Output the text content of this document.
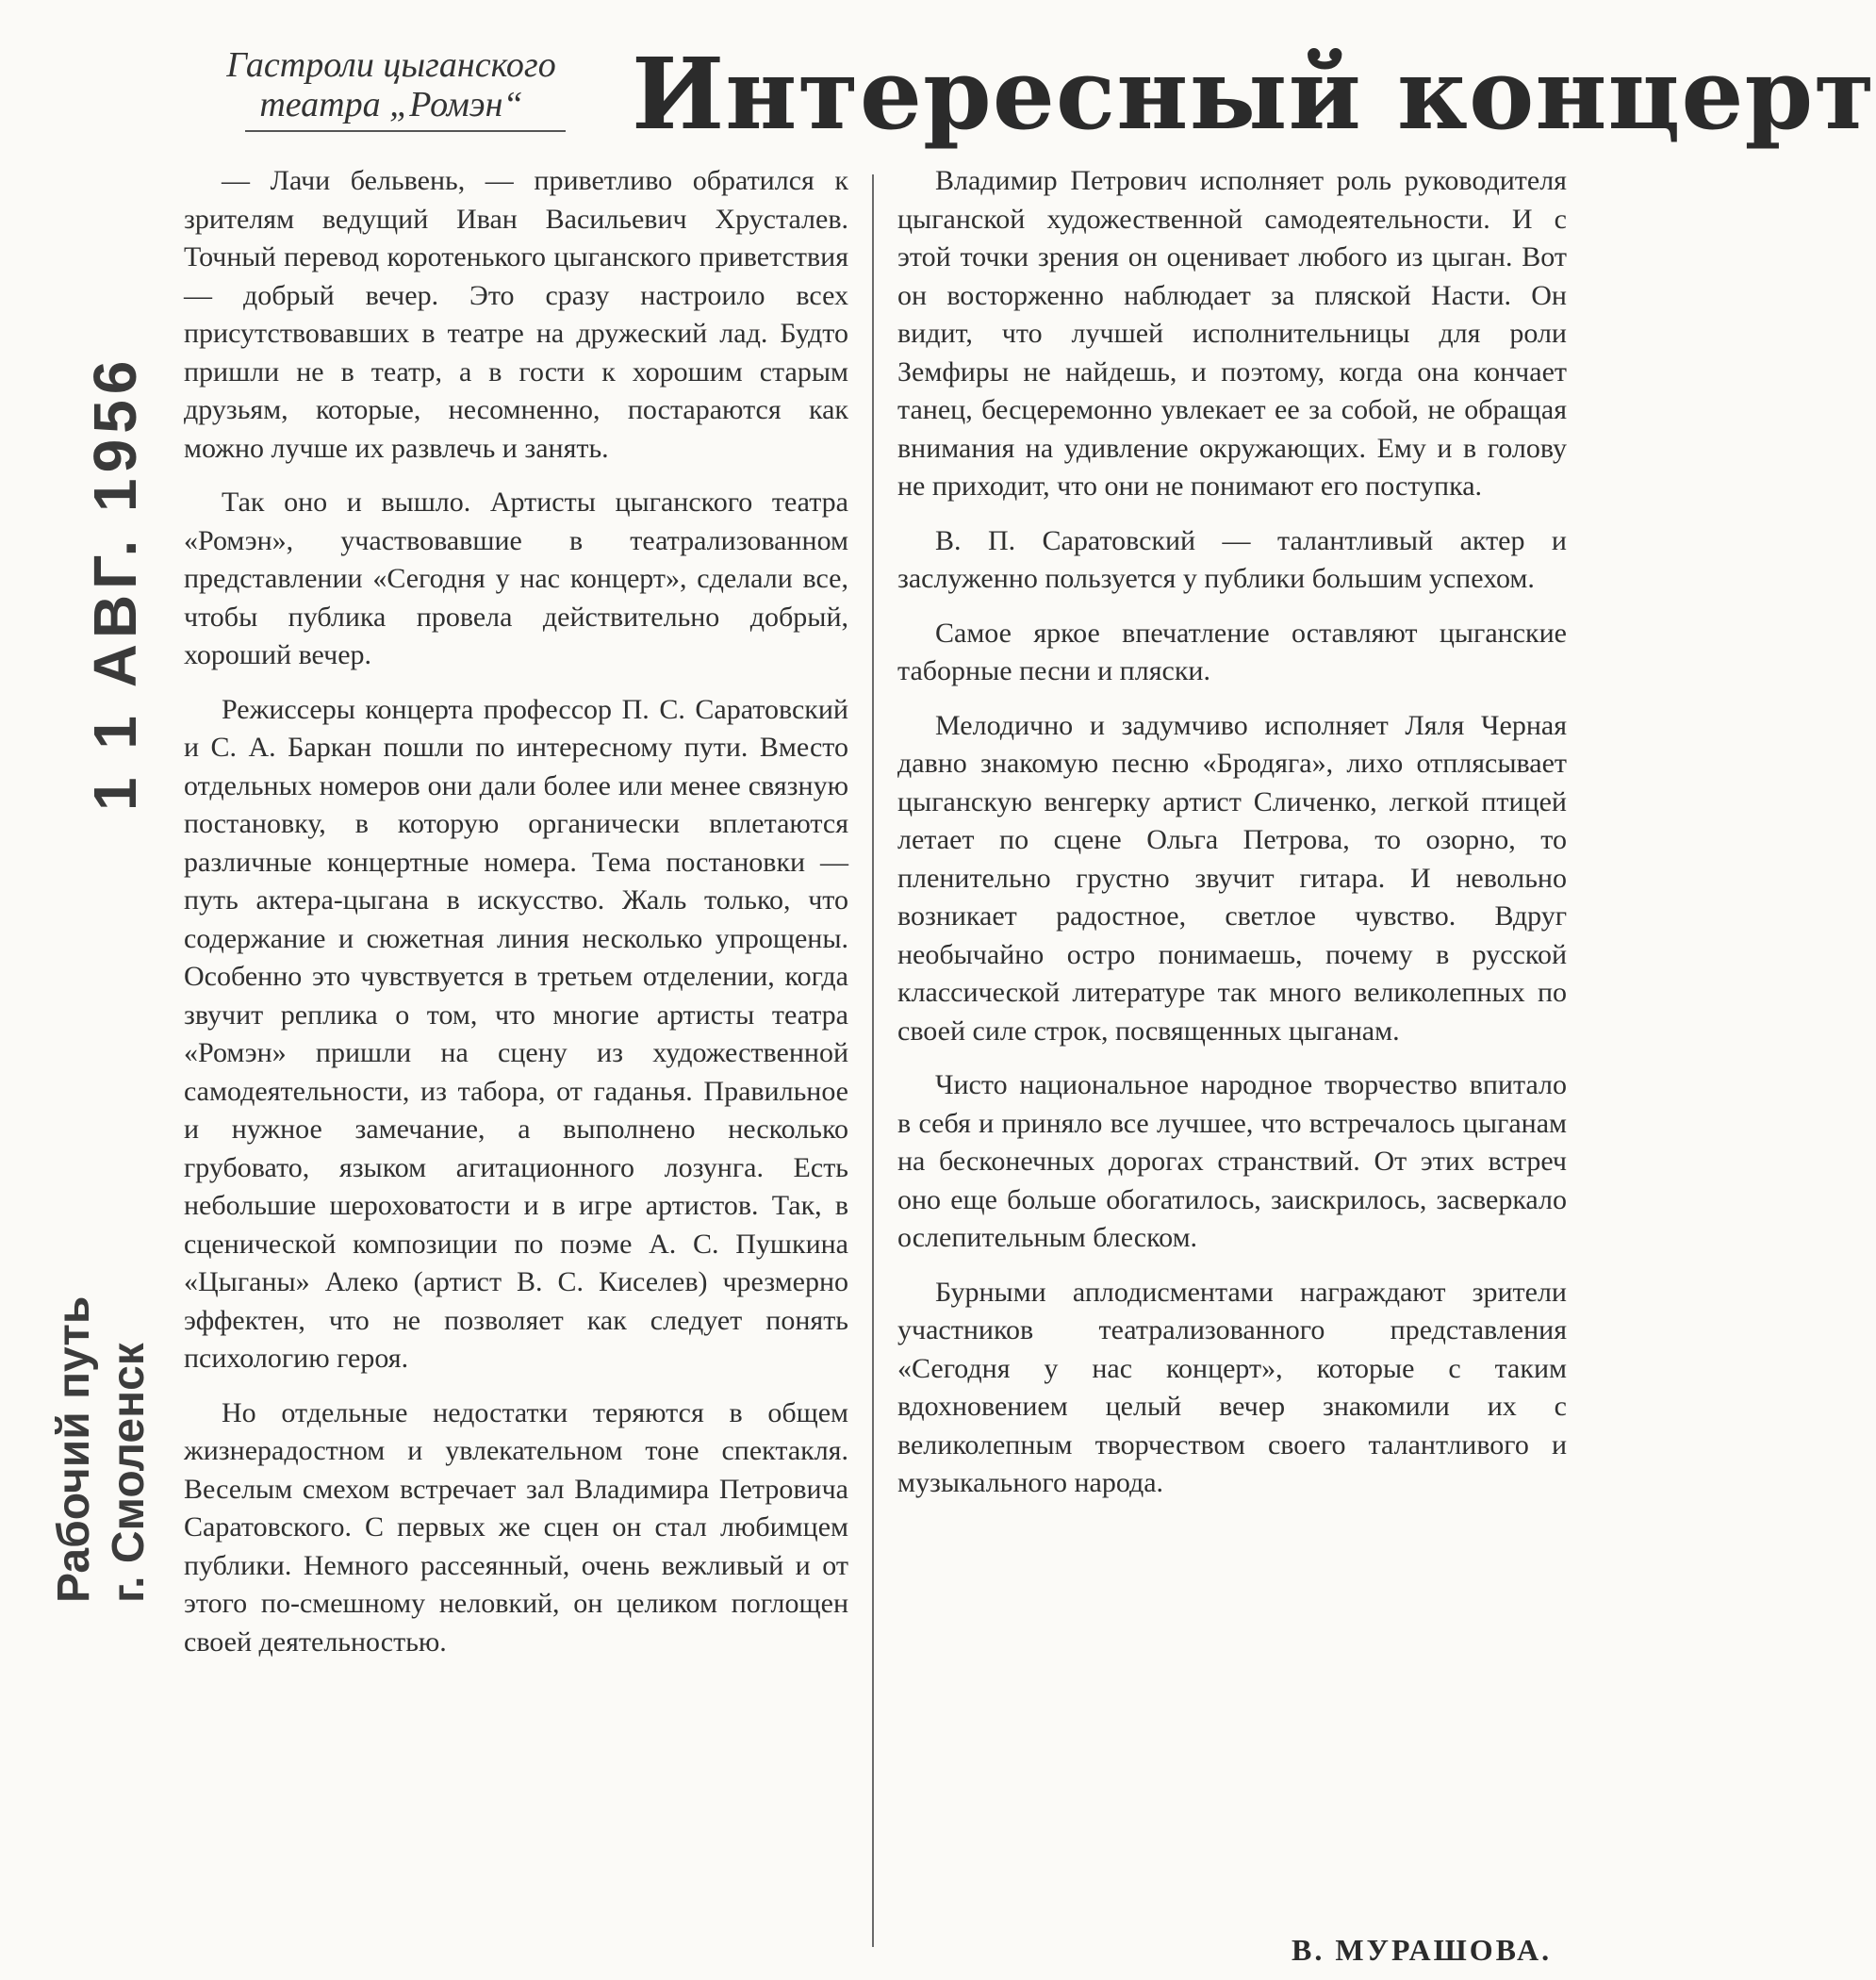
1 1 АВГ. 1956
Рабочий путь г. Смоленск
Гастроли цыганского
театра „Ромэн“	Интересный концерт

— Лачи бельвень, — приветливо обратился к зрителям ведущий Иван Васильевич Хрусталев. Точный перевод коротенького цыганского приветствия — добрый вечер. Это сразу настроило всех присутствовавших в театре на дружеский лад. Будто пришли не в театр, а в гости к хорошим старым друзьям, которые, несомненно, постараются как можно лучше их развлечь и занять.

Так оно и вышло. Артисты цыганского театра «Ромэн», участвовавшие в театрализованном представлении «Сегодня у нас концерт», сделали все, чтобы публика провела действительно добрый, хороший вечер.

Режиссеры концерта профессор П. С. Саратовский и С. А. Баркан пошли по интересному пути. Вместо отдельных номеров они дали более или менее связную постановку, в которую органически вплетаются различные концертные номера. Тема постановки — путь актера-цыгана в искусство. Жаль только, что содержание и сюжетная линия несколько упрощены. Особенно это чувствуется в третьем отделении, когда звучит реплика о том, что многие артисты театра «Ромэн» пришли на сцену из художественной самодеятельности, из табора, от гаданья. Правильное и нужное замечание, а выполнено несколько грубовато, языком агитационного лозунга. Есть небольшие шероховатости и в игре артистов. Так, в сценической композиции по поэме А. С. Пушкина «Цыганы» Алеко (артист В. С. Киселев) чрезмерно эффектен, что не позволяет как следует понять психологию героя.

Но отдельные недостатки теряются в общем жизнерадостном и увлекательном тоне спектакля. Веселым смехом встречает зал Владимира Петровича Саратовского. С первых же сцен он стал любимцем публики. Немного рассеянный, очень вежливый и от этого по-смешному неловкий, он целиком поглощен своей деятельностью.

Владимир Петрович исполняет роль руководителя цыганской художественной самодеятельности. И с этой точки зрения он оценивает любого из цыган. Вот он восторженно наблюдает за пляской Насти. Он видит, что лучшей исполнительницы для роли Земфиры не найдешь, и поэтому, когда она кончает танец, бесцеремонно увлекает ее за собой, не обращая внимания на удивление окружающих. Ему и в голову не приходит, что они не понимают его поступка.

В. П. Саратовский — талантливый актер и заслуженно пользуется у публики большим успехом.

Самое яркое впечатление оставляют цыганские таборные песни и пляски.

Мелодично и задумчиво исполняет Ляля Черная давно знакомую песню «Бродяга», лихо отплясывает цыганскую венгерку артист Сличенко, легкой птицей летает по сцене Ольга Петрова, то озорно, то пленительно грустно звучит гитара. И невольно возникает радостное, светлое чувство. Вдруг необычайно остро понимаешь, почему в русской классической литературе так много великолепных по своей силе строк, посвященных цыганам.

Чисто национальное народное творчество впитало в себя и приняло все лучшее, что встречалось цыганам на бесконечных дорогах странствий. От этих встреч оно еще больше обогатилось, заискрилось, засверкало ослепительным блеском.

Бурными аплодисментами награждают зрители участников театрализованного представления «Сегодня у нас концерт», которые с таким вдохновением целый вечер знакомили их с великолепным творчеством своего талантливого и музыкального народа.

В. МУРАШОВА.
